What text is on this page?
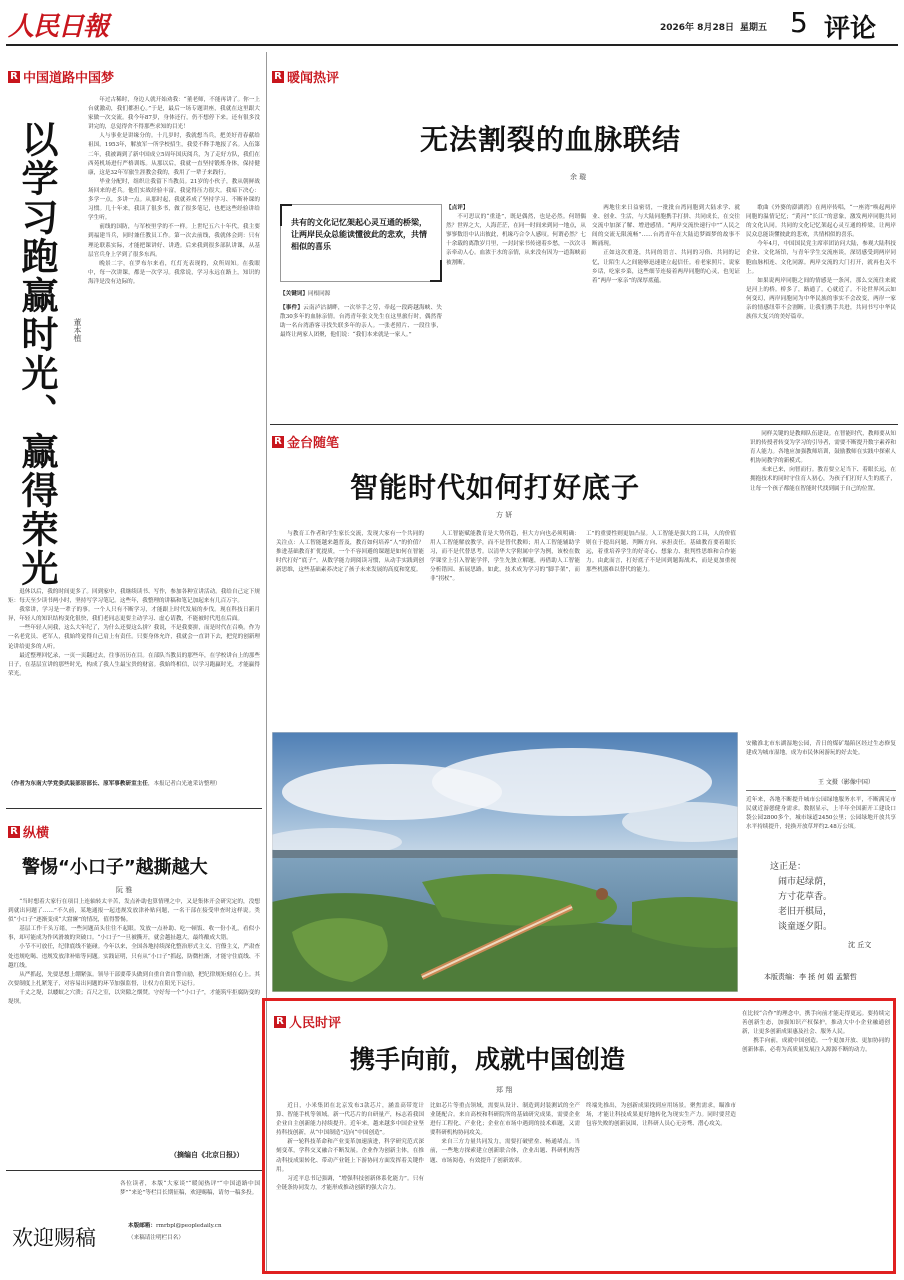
人民日報	2026年 8月28日 星期五 5 评论
R 中国道路中国梦
以学习跑赢时光、赢得荣光 董本植

年过古稀时，身边人就开始劝我：“董老师，不能再讲了。你一上台就激动，我们都担心。”于是，最后一场专题讲座，我就在这里跟大家做一次交流。我今年87岁，身体还行，仍不想停下来。还有很多没讲完的，总觉得舍不得那些求知的目光！

人与事业是讲缘分的。十几岁时，我就想当兵，把美好青春献给祖国。1953年，解放军一所学校招生，我爱不释手地报了名。入伍第二年，我被调到了新中国成立5周年国庆阅兵，为了走好方队，我们在西苑机场进行严格训练。从那以后，我就一直坚持锻炼身体，保持健康，这是32年军旅生涯教会我的，我用了一辈子来践行。

毕业分配时，组织让我留下当教员。21岁的小伙子，教从朝鲜战场回来的老兵。他们实战经验丰富，我觉得压力很大。我暗下决心：多学一点，多讲一点。从那时起，我就养成了坚持学习、不断补课的习惯。几十年来，我读了很多书，做了很多笔记，也把这些经验讲给学生听。

前线的国防，与军校里学的不一样。上世纪五六十年代，我主要到福建当兵，同时兼任教员工作。第一次去前线，我就体会到：只有理论联系实际，才能把课讲好、讲透。后来我到很多部队讲课，从基层官兵身上学到了很多东西。

晚景二字，在罗布尔来看，红灯光表现的，众所周知。在我眼中，每一次讲课，都是一次学习。我常说，学习永远在路上，知识的海洋是没有边际的。

退休以后，我的时间更多了。回到家中，我继续读书、写作，参加各种宣讲活动。我给自己定下规矩：每天至少读书两小时，坚持写学习笔记。这些年，我整理的讲稿和笔记加起来有几百万字。

我常讲，学习是一辈子的事。一个人只有不断学习，才能跟上时代发展的步伐。现在科技日新月异，年轻人的知识结构变化很快，我们老同志更要主动学习、虚心请教，不能被时代甩在后面。

一些年轻人问我，这么大年纪了，为什么还要这么拼？我说，不是我要拼，而是时代在召唤。作为一名老党员、老军人，我始终觉得自己肩上有责任。只要身体允许，我就会一直讲下去，把党的创新理论讲给更多的人听。

最近整理回忆录，一页一页翻过去，往事历历在目。在部队当教员的那些年，在学校讲台上的那些日子，在基层宣讲的那些时光，构成了我人生最宝贵的财富。我始终相信，以学习跑赢时光，才能赢得荣光。

（作者为东南大学党委武装部原部长、原军事教研室主任，本报记者白光迪采访整理）
R 纵横
警惕“小口子”越撕越大
阮 雅

“当时想着大家行在项目上连轴转太辛苦，发点补助也算情理之中，又是集体开会研究定的，没想到就出问题了……”不久前，某地通报一起违规发放津补贴问题，一名干部在接受审查时这样说。类似“小口子”逐渐变成“大窟窿”的情况，值得警惕。

基层工作千头万绪，一些问题苗头往往不起眼。发放一点补助、吃一顿饭、收一份小礼，看似小事，却可能成为作风滑坡的突破口。“小口子”一旦被撕开，就会越扯越大，最终酿成大错。

小节不可放任，纪律底线不能碰。今年以来，全国各地持续深化整治形式主义、官僚主义，严肃查处违规吃喝、违规发放津补贴等问题。实践证明，只有从“小口子”抓起，防微杜渐，才能守住底线、不越红线。

从严抓起，先要思想上绷紧弦。领导干部要带头做到自重自省自警自励，把纪律规矩刻在心上。其次要制度上扎紧笼子，对容易出问题的环节加强监督，让权力在阳光下运行。

千丈之堤，以蝼蚁之穴溃；百尺之室，以突隙之烟焚。守好每一个“小口子”，才能筑牢拒腐防变的堤坝。

（摘编自《北京日报》）
欢迎赐稿
各位读者，本版“大家谈”“暖闻热评”“中国道路中国梦”“来论”等栏目长期征稿，欢迎赐稿，请勿一稿多投。
本版邮箱：rmrbpl@peopledaily.cn
（来稿请注明栏目名）
R 暖闻热评
无法割裂的血脉联结
余 璇
共有的文化记忆架起心灵互通的桥梁，让两岸民众总能读懂彼此的悲欢，共情相似的喜乐
【关键词】同根同源
【事件】云南泸沽湖畔，一次举手之劳，牵起一段跨越海峡、失散30多年的血脉亲情。台湾青年张文先生在这里旅行时，偶然帮助一名台湾游客寻找失联多年的亲人。一张老照片、一段往事，最终让两家人团聚，他们说：“我们本来就是一家人。”
【点评】

不可思议的“重逢”，既是偶然，也是必然。何谓偶然？世界之大，人海茫茫，在同一时间来到同一地点，从寥寥数语中认出彼此，机缘巧合令人感叹。何谓必然？七十余载的离散岁月里，一封封家书传递着乡愁，一次次寻亲牵动人心。血浓于水的亲情，从来没有因为一道海峡而被割断。

两地往来日益密切，一批批台湾同胞到大陆求学、就业、创业、生活，与大陆同胞携手打拼、共同成长，在交往交流中加深了解、增进感情。“两岸交流快速行中”“人民之间的交流无限流畅”……台湾青年在大陆追梦圆梦的故事不断涌现。

正如这次重逢，共同的语言、共同的习俗、共同的记忆，让陌生人之间能够迅速建立起信任。看老家照片，说家乡话，吃家乡菜，这些细节连接着两岸同胞的心灵，也见证着“两岸一家亲”的深厚底蕴。

歌曲《外婆的澎湖湾》在两岸传唱，“一座湾”唤起两岸同胞的温情记忆；“黄河”“长江”的意象，激发两岸同胞共同的文化认同。共同的文化记忆架起心灵互通的桥梁，让两岸民众总能读懂彼此的悲欢，共情相似的喜乐。

今年4月，中国国民党主席率团访问大陆，参观大陆科技企业、文化场馆，与青年学生交流座谈，深切感受到两岸同胞血脉相连、文化同源。两岸交流的大门打开，就再也关不上。

如果说两岸同胞之间的情感是一条河，那么交流往来就是河上的桥。桥多了，路通了，心就近了。不论世界风云如何变幻，两岸同胞同为中华民族的事实不会改变，两岸一家亲的情感纽带不会割断。让我们携手共进，共同书写中华民族伟大复兴的美好篇章。

R 金台随笔
智能时代如何打好底子
方 妍

与教育工作者和学生家长交流，发现大家有一个共同的关注点：人工智能越来越普及，教育如何培养“人”的价值？推进基础教育扩优提质，一个不容回避的课题是如何在智能时代打好“底子”。从数学能力到阅读习惯，从动手实践到创新思维，这些基础素养决定了孩子未来发展的高度和宽度。

人工智能赋能教育是大势所趋，但大方向也必须明确：用人工智能解放教学，而不是替代教师；用人工智能辅助学习，而不是代替思考。以清华大学附属中学为例，该校在数学课堂上引入智能学伴，学生先独立解题，再借助人工智能分析错因、拓展思路。如此，技术成为学习的“脚手架”，而非“拐杖”。

工”的重要性则更加凸显。人工智能是强大的工具，人的价值则在于提出问题、判断方向、承担责任。基础教育要着眼长远，着重培养学生的好奇心、想象力、批判性思维和合作能力。由此而言，打好底子不是回到题海战术，而是更加重视那些机器难以替代的能力。

同样关键的是教师队伍建设。在智能时代，教师要从知识的传授者转变为学习的引导者，需要不断提升数字素养和育人能力。各地应加强教师培训，鼓励教师在实践中探索人机协同教学的新模式。

未来已来，向智而行。教育要立足当下、着眼长远，在拥抱技术的同时守住育人初心，为孩子们打好人生的底子，让每一个孩子都能在智能时代找到属于自己的位置。

安徽淮北市东湖湿地公园，昔日的煤矿塌陷区经过生态修复建成为城市湿地，成为市民休闲游玩的好去处。
王 文摄（影像中国）
近年来，各地不断提升城市公园绿地服务水平，不断满足市民就近游憩健身需求。数据显示，上半年全国新开工建设口袋公园2800多个，城市绿道2450公里；公园绿地开放共享水平持续提升，轮换开放草坪约2.48万公顷。
这正是：
闹市起绿荫，
方寸花草香。
老旧开棋局，
谈童逐夕阳。
沈 丘文
本版责编：李 拯 何 娟 孟繁哲
R 人民时评
携手向前，成就中国创造
郑 翔

近日，小米集团在北京发布3款芯片，涵盖高带宽计算、智能手机等领域。新一代芯片的自研量产，标志着我国企业自主创新能力持续提升。近年来，越来越多中国企业坚持科技创新，从“中国制造”迈向“中国创造”。

新一轮科技革命和产业变革加速演进，科学研究范式深刻变革，学科交叉融合不断发展。企业作为创新主体，在推动科技成果转化、带动产业链上下游协同方面发挥着关键作用。

习近平总书记强调，“增强科技创新体系化能力”。只有全链条协同发力，才能形成推动创新的强大合力。

比如芯片等重点领域，需要从设计、制造到封装测试的全产业链配合。来自高校和科研院所的基础研究成果，需要企业进行工程化、产业化；企业在市场中遇到的技术难题，又需要科研机构协同攻关。

来自三方力量共同发力，需要打破壁垒、畅通堵点。当前，一些地方探索建立创新联合体，企业出题、科研机构答题、市场阅卷，有效提升了创新效率。

终端先推出，为创新成果找到应用场景。聚焦需求，瞄准市场，才能让科技成果更好地转化为现实生产力。同时要营造包容失败的创新氛围，让科研人员心无旁骛、潜心攻关。

在比较“合作”的理念中，携手向前才能走得更远。要持续完善创新生态，加强知识产权保护，推动大中小企业融通创新，让更多创新成果惠及社会、服务人民。

携手向前，成就中国创造。一个更加开放、更加协同的创新体系，必将为高质量发展注入源源不断的动力。
